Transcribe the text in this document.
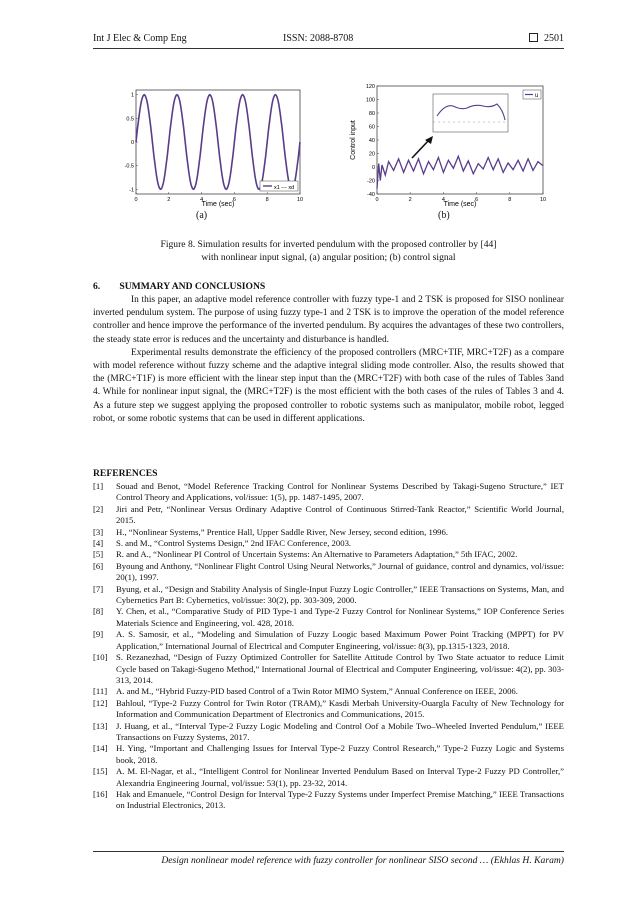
Int J Elec & Comp Eng	ISSN: 2088-8708	2501
0	2	4	6	8	10
-1
-0.5
0
0.5
1
x1 --- xd
Time (sec)
(a)
0	2	4	6	8	10
-40
-20
0
20
40
60
80
100
120
u
Time (sec)
Control input
(b)
Figure 8. Simulation results for inverted pendulum with the proposed controller by [44]
with nonlinear input signal, (a) angular position; (b) control signal
6.  SUMMARY AND CONCLUSIONS

In this paper, an adaptive model reference controller with fuzzy type-1 and 2 TSK is proposed for SISO nonlinear inverted pendulum system. The purpose of using fuzzy type-1 and 2 TSK is to improve the operation of the model reference controller and hence improve the performance of the inverted pendulum. By acquires the advantages of these two controllers, the steady state error is reduces and the uncertainty and disturbance is handled.

Experimental results demonstrate the efficiency of the proposed controllers (MRC+TIF, MRC+T2F) as a compare with model reference without fuzzy scheme and the adaptive integral sliding mode controller. Also, the results showed that the (MRC+T1F) is more efficient with the linear step input than the (MRC+T2F) with both case of the rules of Tables 3and 4. While for nonlinear input signal, the (MRC+T2F) is the most efficient with the both cases of the rules of Tables 3 and 4. As a future step we suggest applying the proposed controller to robotic systems such as manipulator, mobile robot, legged robot, or some robotic systems that can be used in different applications.

REFERENCES
[1] Souad and Benot, “Model Reference Tracking Control for Nonlinear Systems Described by Takagi-Sugeno Structure,” IET Control Theory and Applications, vol/issue: 1(5), pp. 1487-1495, 2007.
[2] Jiri and Petr, “Nonlinear Versus Ordinary Adaptive Control of Continuous Stirred-Tank Reactor,” Scientific World Journal, 2015.
[3] H., “Nonlinear Systems,” Prentice Hall, Upper Saddle River, New Jersey, second edition, 1996.
[4] S. and M., “Control Systems Design,” 2nd IFAC Conference, 2003.
[5] R. and A., “Nonlinear PI Control of Uncertain Systems: An Alternative to Parameters Adaptation,” 5th IFAC, 2002.
[6] Byoung and Anthony, “Nonlinear Flight Control Using Neural Networks,” Journal of guidance, control and dynamics, vol/issue: 20(1), 1997.
[7] Byung, et al., “Design and Stability Analysis of Single-Input Fuzzy Logic Controller,” IEEE Transactions on Systems, Man, and Cybernetics Part B: Cybernetics, vol/issue: 30(2), pp. 303-309, 2000.
[8] Y. Chen, et al., “Comparative Study of PID Type-1 and Type-2 Fuzzy Control for Nonlinear Systems,” IOP Conference Series Materials Science and Engineering, vol. 428, 2018.
[9] A. S. Samosir, et al., “Modeling and Simulation of Fuzzy Loogic based Maximum Power Point Tracking (MPPT) for PV Application,” International Journal of Electrical and Computer Engineering, vol/issue: 8(3), pp.1315-1323, 2018.
[10] S. Rezanezhad, “Design of Fuzzy Optimized Controller for Satellite Attitude Control by Two State actuator to reduce Limit Cycle based on Takagi-Sugeno Method,” International Journal of Electrical and Computer Engineering, vol/issue: 4(2), pp. 303-313, 2014.
[11] A. and M., “Hybrid Fuzzy-PID based Control of a Twin Rotor MIMO System,” Annual Conference on IEEE, 2006.
[12] Bahloul, “Type-2 Fuzzy Control for Twin Rotor (TRAM),” Kasdi Merbah University-Ouargla Faculty of New Technology for Information and Communication Department of Electronics and Communications, 2015.
[13] J. Huang, et al., “Interval Type-2 Fuzzy Logic Modeling and Control Oof a Mobile Two–Wheeled Inverted Pendulum,” IEEE Transactions on Fuzzy Systems, 2017.
[14] H. Ying, “Important and Challenging Issues for Interval Type-2 Fuzzy Control Research,” Type-2 Fuzzy Logic and Systems book, 2018.
[15] A. M. El-Nagar, et al., “Intelligent Control for Nonlinear Inverted Pendulum Based on Interval Type-2 Fuzzy PD Controller,” Alexandria Engineering Journal, vol/issue: 53(1), pp. 23-32, 2014.
[16] Hak and Emanuele, “Control Design for Interval Type-2 Fuzzy Systems under Imperfect Premise Matching,” IEEE Transactions on Industrial Electronics, 2013.
Design nonlinear model reference with fuzzy controller for nonlinear SISO second … (Ekhlas H. Karam)
